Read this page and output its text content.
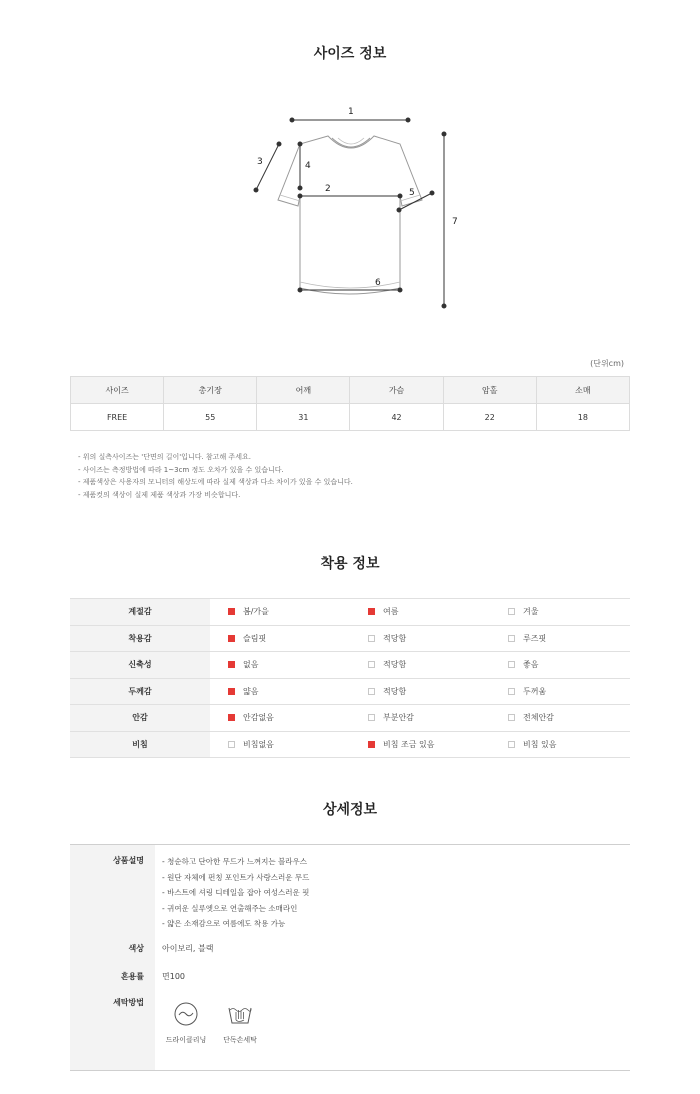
사이즈 정보
1
2
3	4
5
6
7
(단위cm)
사이즈	총기장	어깨	가슴	암홀	소매
FREE	55	31	42	22	18
- 위의 실측사이즈는 '단면의 길이'입니다. 참고해 주세요.
- 사이즈는 측정방법에 따라 1~3cm 정도 오차가 있을 수 있습니다.
- 제품색상은 사용자의 모니터의 해상도에 따라 실제 색상과 다소 차이가 있을 수 있습니다.
- 제품컷의 색상이 실제 제품 색상과 가장 비슷합니다.
착용 정보
계절감	봄/가을	여름	겨울

착용감	슬림핏	적당함	루즈핏

신축성	없음	적당함	좋음

두께감	얇음	적당함	두꺼움

안감	안감없음	부분안감	전체안감

비침	비침없음	비침 조금 있음	비침 있음
상세정보
상품설명 - 청순하고 단아한 무드가 느껴지는 블라우스
- 원단 자체에 펀칭 포인트가 사랑스러운 무드
- 바스트에 셔링 디테일을 잡아 여성스러운 핏
- 귀여운 실루엣으로 연출해주는 소매라인
- 얇은 소재감으로 여름에도 착용 가능
색상 아이보리, 블랙
혼용률 면100
세탁방법
드라이클리닝	단독손세탁
